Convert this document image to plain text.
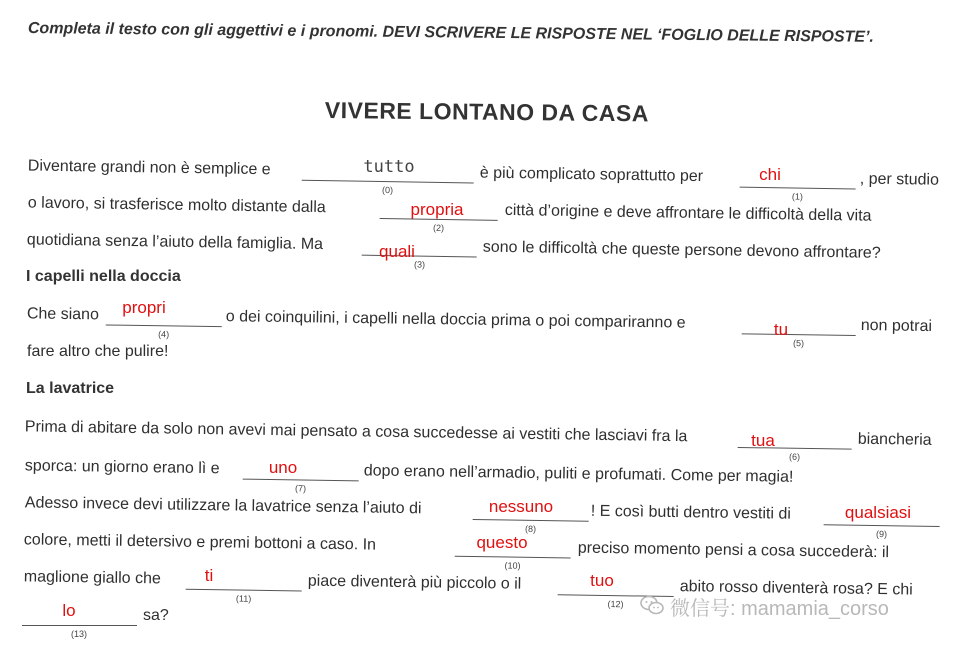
Completa il testo con gli aggettivi e i pronomi. DEVI SCRIVERE LE RISPOSTE NEL ‘FOGLIO DELLE RISPOSTE’.
VIVERE LONTANO DA CASA
Diventare grandi non è semplice e
(0)
è più complicato soprattutto per
(1)
, per studio
o lavoro, si trasferisce molto distante dalla
(2)
città d’origine e deve affrontare le difficoltà della vita
quotidiana senza l’aiuto della famiglia. Ma
(3)
sono le difficoltà che queste persone devono affrontare?
I capelli nella doccia
Che siano
(4)
o dei coinquilini, i capelli nella doccia prima o poi compariranno e
(5)
non potrai
fare altro che pulire!
La lavatrice
Prima di abitare da solo non avevi mai pensato a cosa succedesse ai vestiti che lasciavi fra la
(6)
biancheria
sporca: un giorno erano lì e
(7)
dopo erano nell’armadio, puliti e profumati. Come per magia!
Adesso invece devi utilizzare la lavatrice senza l’aiuto di
(8)
! E così butti dentro vestiti di
(9)
colore, metti il detersivo e premi bottoni a caso. In
(10)
preciso momento pensi a cosa succederà: il
maglione giallo che
(11)
piace diventerà più piccolo o il
(12)
abito rosso diventerà rosa? E chi
(13)
sa?
tutto	chi
propria
quali
propri
tu
tua
uno
nessuno	qualsiasi
questo
ti	tuo
lo	微信号: mamamia_corso
